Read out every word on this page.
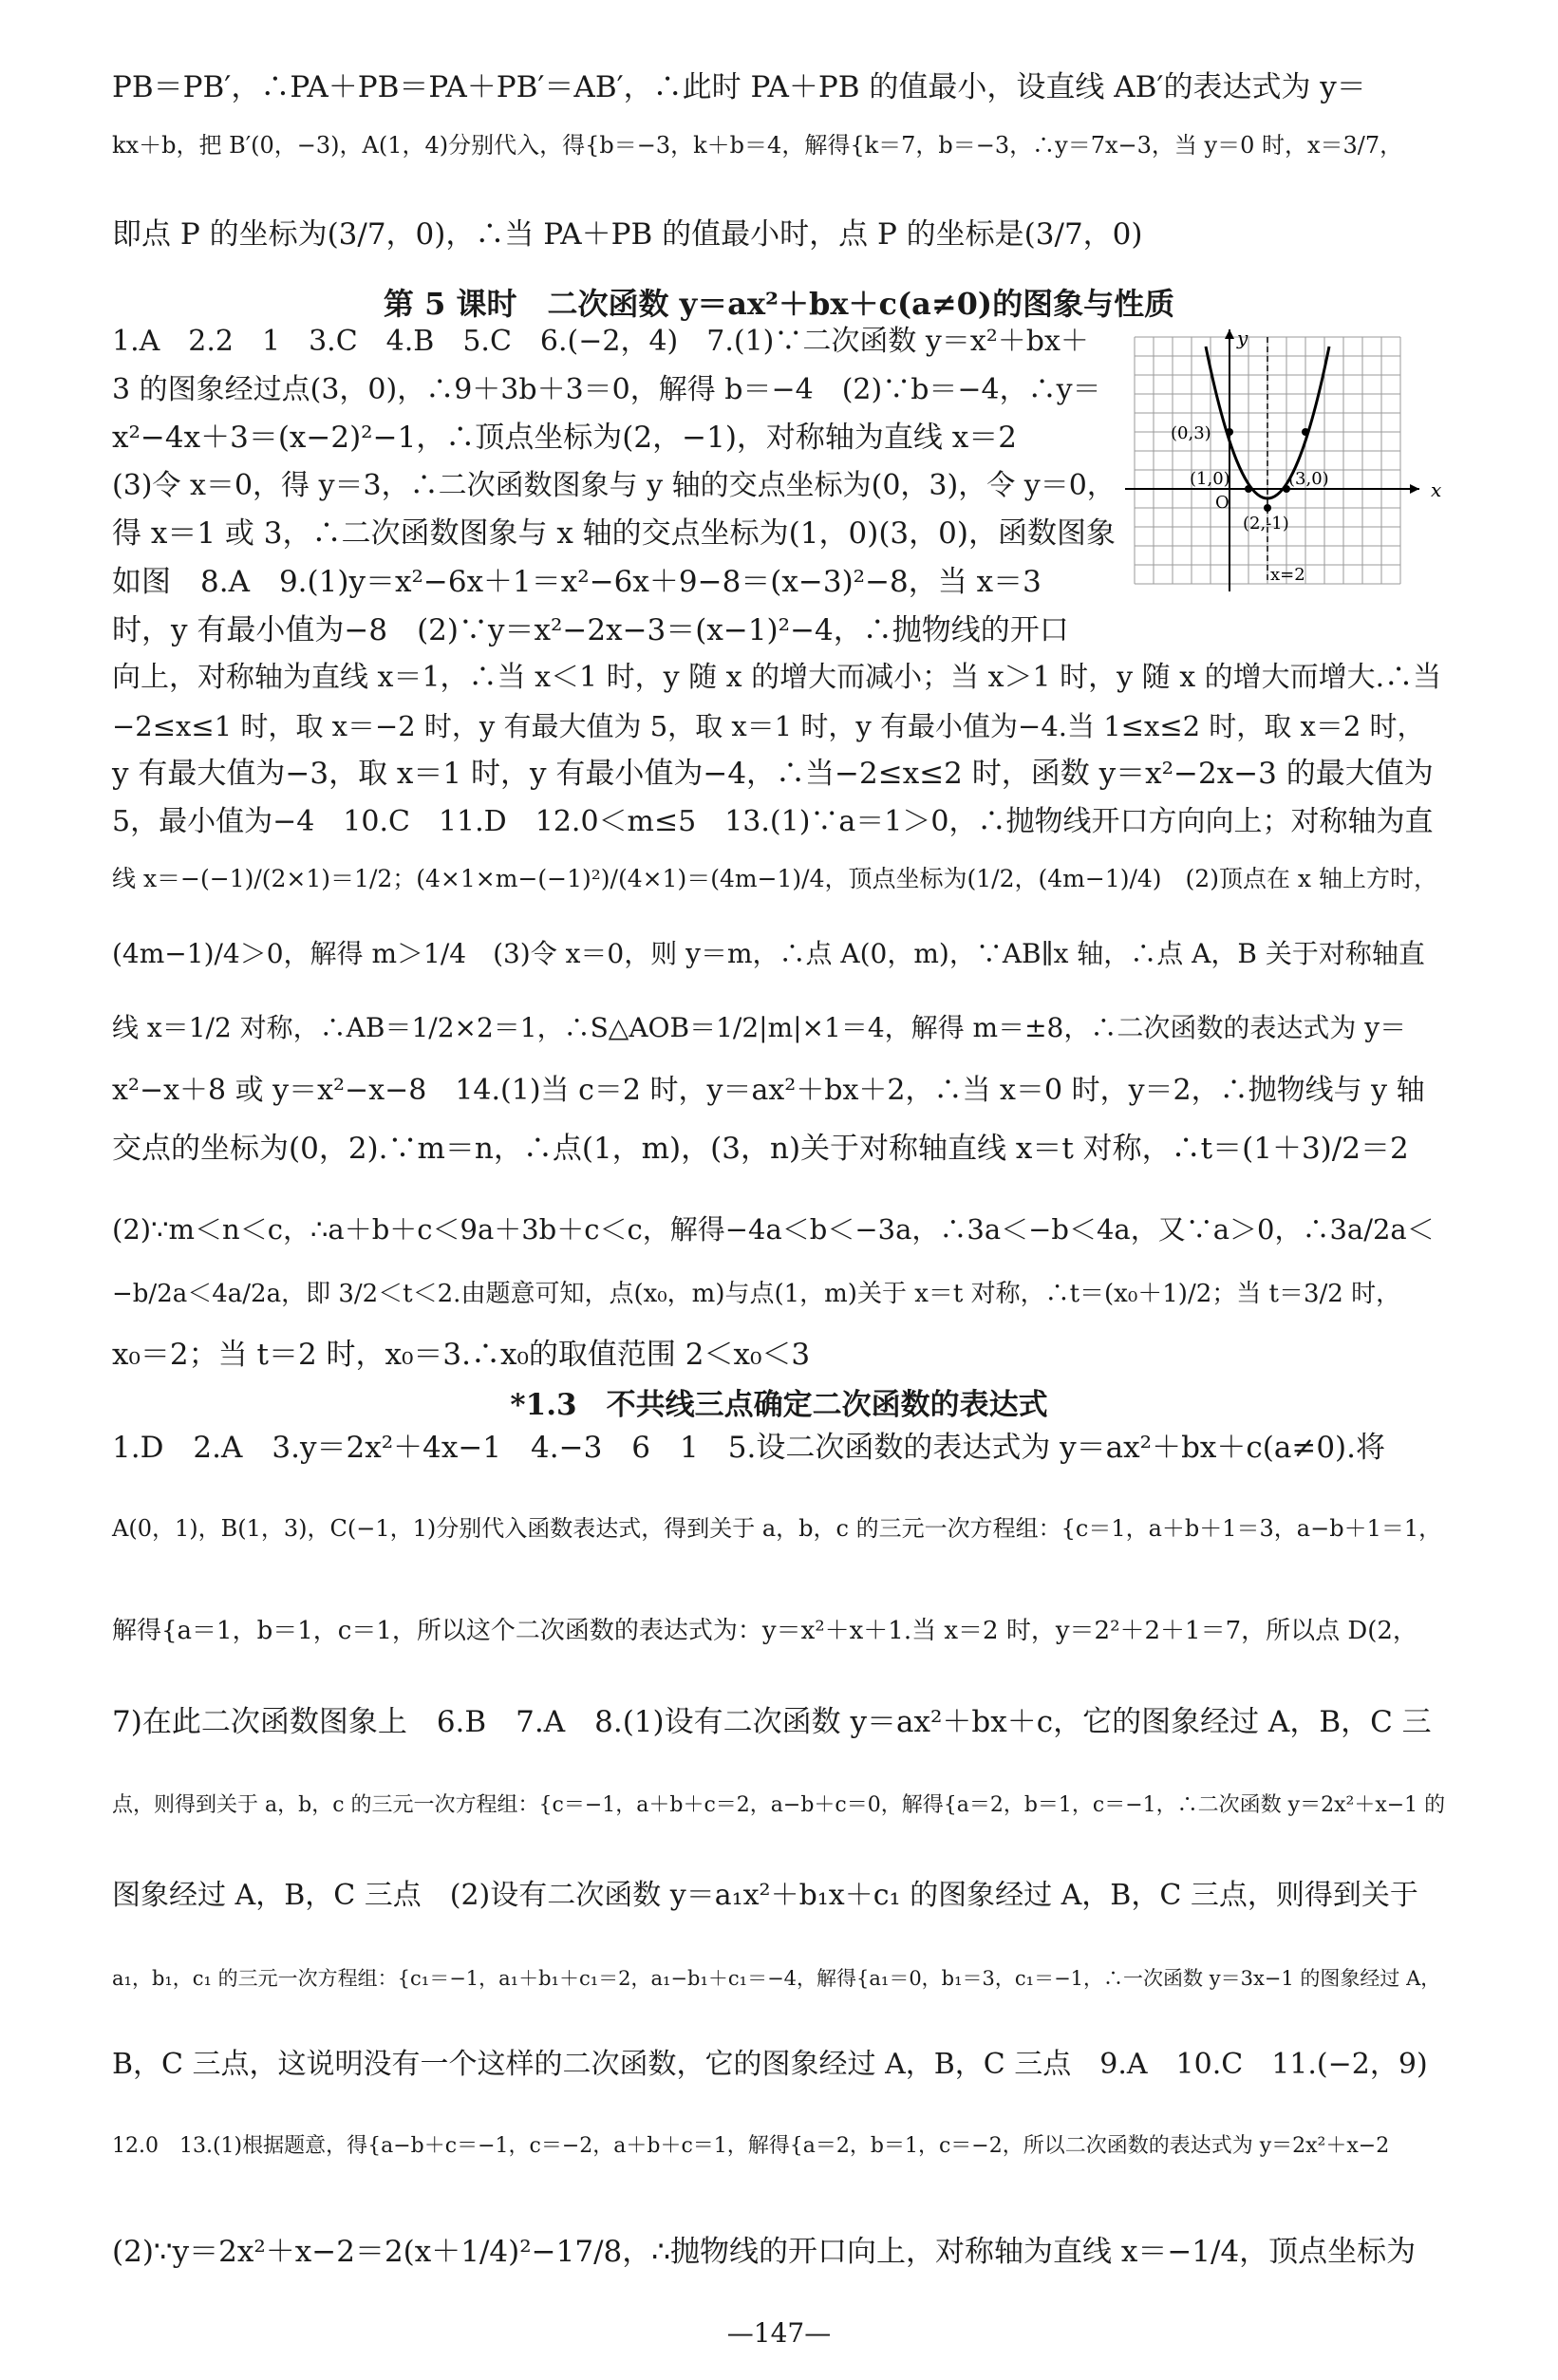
PB＝PB′，∴PA＋PB＝PA＋PB′＝AB′，∴此时 PA＋PB 的值最小，设直线 AB′的表达式为 y＝
kx＋b，把 B′(0，−3)，A(1，4)分别代入，得{b＝−3，k＋b＝4，解得{k＝7，b＝−3，∴y＝7x−3，当 y＝0 时，x＝3/7，
即点 P 的坐标为(3/7，0)，∴当 PA＋PB 的值最小时，点 P 的坐标是(3/7，0)
第 5 课时　二次函数 y＝ax²＋bx＋c(a≠0)的图象与性质
1.A　2.2　1　3.C　4.B　5.C　6.(−2，4)　7.(1)∵二次函数 y＝x²＋bx＋
3 的图象经过点(3，0)，∴9＋3b＋3＝0，解得 b＝−4　(2)∵b＝−4，∴y＝
x²−4x＋3＝(x−2)²−1，∴顶点坐标为(2，−1)，对称轴为直线 x＝2
(3)令 x＝0，得 y＝3，∴二次函数图象与 y 轴的交点坐标为(0，3)，令 y＝0，
得 x＝1 或 3，∴二次函数图象与 x 轴的交点坐标为(1，0)(3，0)，函数图象
如图　8.A　9.(1)y＝x²−6x＋1＝x²−6x＋9−8＝(x−3)²−8，当 x＝3
时，y 有最小值为−8　(2)∵y＝x²−2x−3＝(x−1)²−4，∴抛物线的开口
x
y
O
(0,3)
(1,0)	(3,0)
(2,-1)
x=2
向上，对称轴为直线 x＝1，∴当 x＜1 时，y 随 x 的增大而减小；当 x＞1 时，y 随 x 的增大而增大.∴当
−2≤x≤1 时，取 x＝−2 时，y 有最大值为 5，取 x＝1 时，y 有最小值为−4.当 1≤x≤2 时，取 x＝2 时，
y 有最大值为−3，取 x＝1 时，y 有最小值为−4，∴当−2≤x≤2 时，函数 y＝x²−2x−3 的最大值为
5，最小值为−4　10.C　11.D　12.0＜m≤5　13.(1)∵a＝1＞0，∴抛物线开口方向向上；对称轴为直
线 x＝−(−1)/(2×1)＝1/2；(4×1×m−(−1)²)/(4×1)＝(4m−1)/4，顶点坐标为(1/2，(4m−1)/4)　(2)顶点在 x 轴上方时，
(4m−1)/4＞0，解得 m＞1/4　(3)令 x＝0，则 y＝m，∴点 A(0，m)，∵AB∥x 轴，∴点 A，B 关于对称轴直
线 x＝1/2 对称，∴AB＝1/2×2＝1，∴S△AOB＝1/2|m|×1＝4，解得 m＝±8，∴二次函数的表达式为 y＝
x²−x＋8 或 y＝x²−x−8　14.(1)当 c＝2 时，y＝ax²＋bx＋2，∴当 x＝0 时，y＝2，∴抛物线与 y 轴
交点的坐标为(0，2).∵m＝n，∴点(1，m)，(3，n)关于对称轴直线 x＝t 对称，∴t＝(1＋3)/2＝2
(2)∵m＜n＜c，∴a＋b＋c＜9a＋3b＋c＜c，解得−4a＜b＜−3a，∴3a＜−b＜4a，又∵a＞0，∴3a/2a＜
−b/2a＜4a/2a，即 3/2＜t＜2.由题意可知，点(x₀，m)与点(1，m)关于 x＝t 对称，∴t＝(x₀＋1)/2；当 t＝3/2 时，
x₀＝2；当 t＝2 时，x₀＝3.∴x₀的取值范围 2＜x₀＜3
*1.3　不共线三点确定二次函数的表达式
1.D　2.A　3.y＝2x²＋4x−1　4.−3　6　1　5.设二次函数的表达式为 y＝ax²＋bx＋c(a≠0).将
A(0，1)，B(1，3)，C(−1，1)分别代入函数表达式，得到关于 a，b，c 的三元一次方程组：{c＝1，a＋b＋1＝3，a−b＋1＝1，
解得{a＝1，b＝1，c＝1，所以这个二次函数的表达式为：y＝x²＋x＋1.当 x＝2 时，y＝2²＋2＋1＝7，所以点 D(2，
7)在此二次函数图象上　6.B　7.A　8.(1)设有二次函数 y＝ax²＋bx＋c，它的图象经过 A，B，C 三
点，则得到关于 a，b，c 的三元一次方程组：{c＝−1，a＋b＋c＝2，a−b＋c＝0，解得{a＝2，b＝1，c＝−1，∴二次函数 y＝2x²＋x−1 的
图象经过 A，B，C 三点　(2)设有二次函数 y＝a₁x²＋b₁x＋c₁ 的图象经过 A，B，C 三点，则得到关于
a₁，b₁，c₁ 的三元一次方程组：{c₁＝−1，a₁＋b₁＋c₁＝2，a₁−b₁＋c₁＝−4，解得{a₁＝0，b₁＝3，c₁＝−1，∴一次函数 y＝3x−1 的图象经过 A，
B，C 三点，这说明没有一个这样的二次函数，它的图象经过 A，B，C 三点　9.A　10.C　11.(−2，9)
12.0　13.(1)根据题意，得{a−b＋c＝−1，c＝−2，a＋b＋c＝1，解得{a＝2，b＝1，c＝−2，所以二次函数的表达式为 y＝2x²＋x−2
(2)∵y＝2x²＋x−2＝2(x＋1/4)²−17/8，∴抛物线的开口向上，对称轴为直线 x＝−1/4，顶点坐标为
—147—
